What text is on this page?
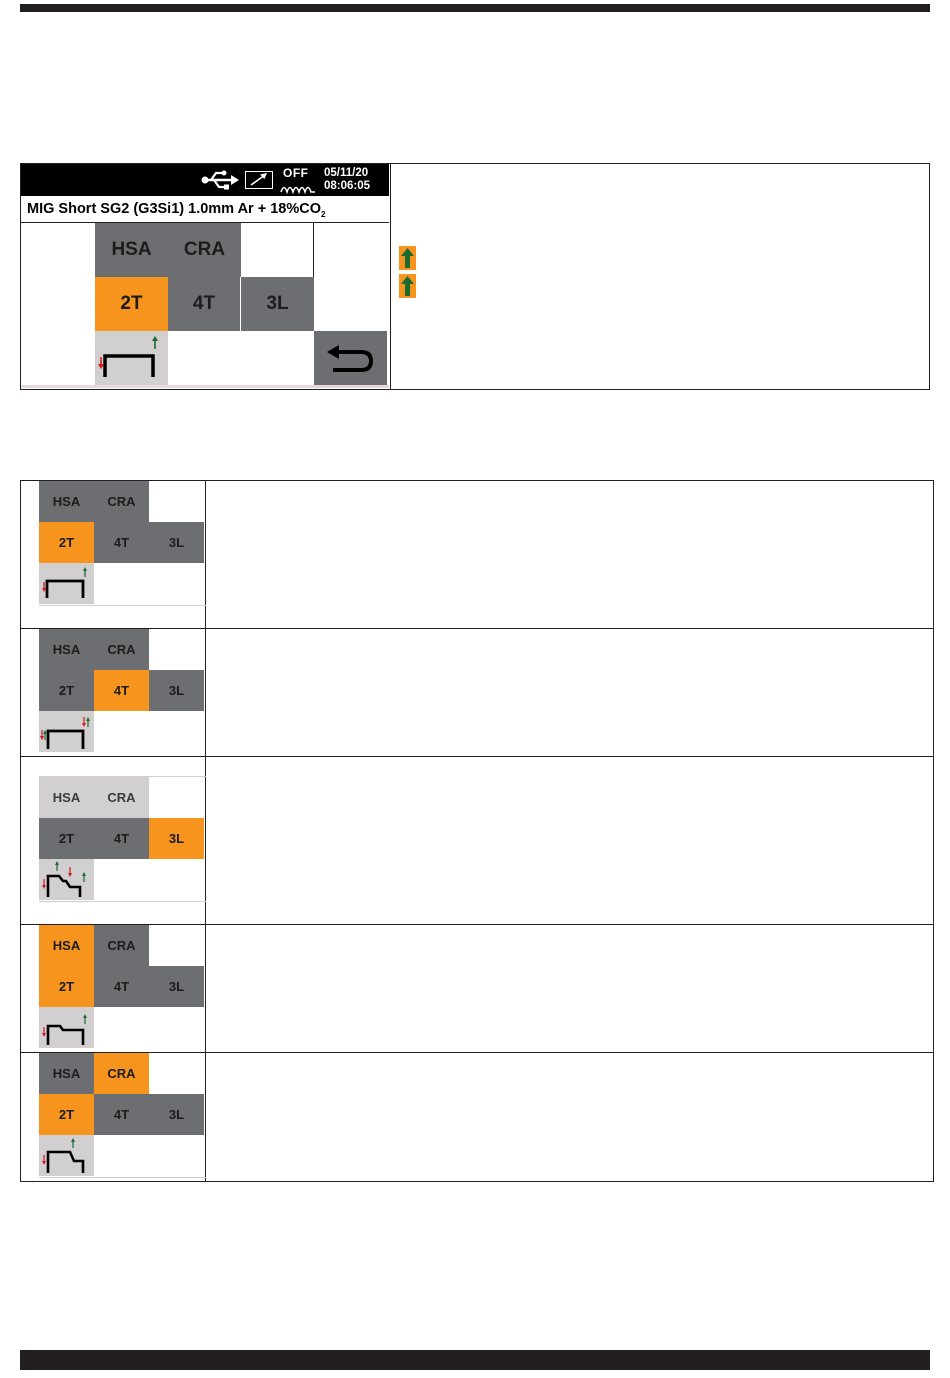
OFF 05/11/20
08:06:05
MIG Short SG2 (G3Si1) 1.0mm $Ar + 18\%CO_2$
HSA	CRA
2T	4T	3L
HSA	CRA
2T	4T	3L
HSA	CRA
2T	4T	3L
HSA	CRA
2T	4T	3L
HSA	CRA
2T	4T	3L
HSA	CRA
2T	4T	3L
